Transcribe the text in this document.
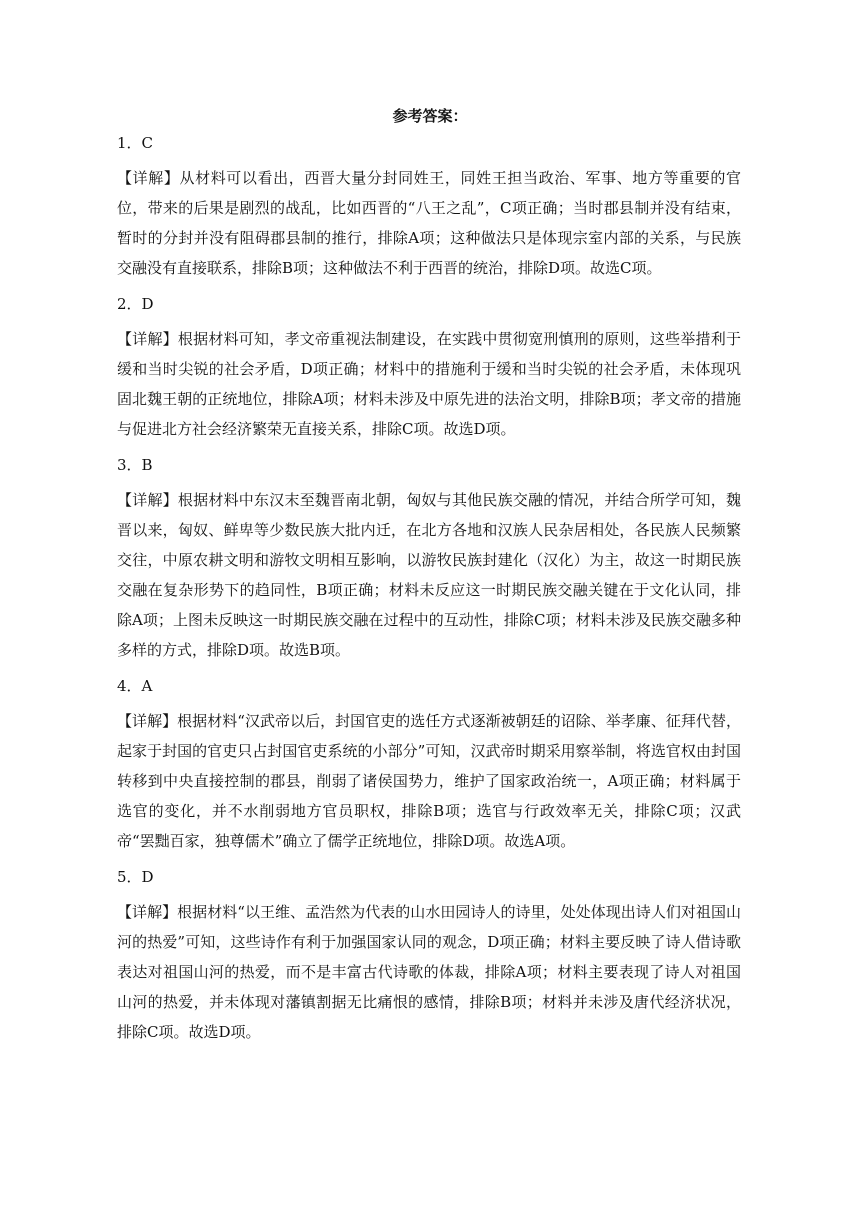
参考答案：
1．C
【详解】从材料可以看出，西晋大量分封同姓王，同姓王担当政治、军事、地方等重要的官位，带来的后果是剧烈的战乱，比如西晋的“八王之乱”，C项正确；当时郡县制并没有结束，暂时的分封并没有阻碍郡县制的推行，排除A项；这种做法只是体现宗室内部的关系，与民族交融没有直接联系，排除B项；这种做法不利于西晋的统治，排除D项。故选C项。
2．D
【详解】根据材料可知，孝文帝重视法制建设，在实践中贯彻宽刑慎刑的原则，这些举措利于缓和当时尖锐的社会矛盾，D项正确；材料中的措施利于缓和当时尖锐的社会矛盾，未体现巩固北魏王朝的正统地位，排除A项；材料未涉及中原先进的法治文明，排除B项；孝文帝的措施与促进北方社会经济繁荣无直接关系，排除C项。故选D项。
3．B
【详解】根据材料中东汉末至魏晋南北朝，匈奴与其他民族交融的情况，并结合所学可知，魏晋以来，匈奴、鲜卑等少数民族大批内迁，在北方各地和汉族人民杂居相处，各民族人民频繁交往，中原农耕文明和游牧文明相互影响，以游牧民族封建化（汉化）为主，故这一时期民族交融在复杂形势下的趋同性，B项正确；材料未反应这一时期民族交融关键在于文化认同，排除A项；上图未反映这一时期民族交融在过程中的互动性，排除C项；材料未涉及民族交融多种多样的方式，排除D项。故选B项。
4．A
【详解】根据材料“汉武帝以后，封国官吏的选任方式逐渐被朝廷的诏除、举孝廉、征拜代替，起家于封国的官吏只占封国官吏系统的小部分”可知，汉武帝时期采用察举制，将选官权由封国转移到中央直接控制的郡县，削弱了诸侯国势力，维护了国家政治统一，A项正确；材料属于选官的变化，并不水削弱地方官员职权，排除B项；选官与行政效率无关，排除C项；汉武帝“罢黜百家，独尊儒术”确立了儒学正统地位，排除D项。故选A项。
5．D
【详解】根据材料“以王维、孟浩然为代表的山水田园诗人的诗里，处处体现出诗人们对祖国山河的热爱”可知，这些诗作有利于加强国家认同的观念，D项正确；材料主要反映了诗人借诗歌表达对祖国山河的热爱，而不是丰富古代诗歌的体裁，排除A项；材料主要表现了诗人对祖国山河的热爱，并未体现对藩镇割据无比痛恨的感情，排除B项；材料并未涉及唐代经济状况，排除C项。故选D项。
